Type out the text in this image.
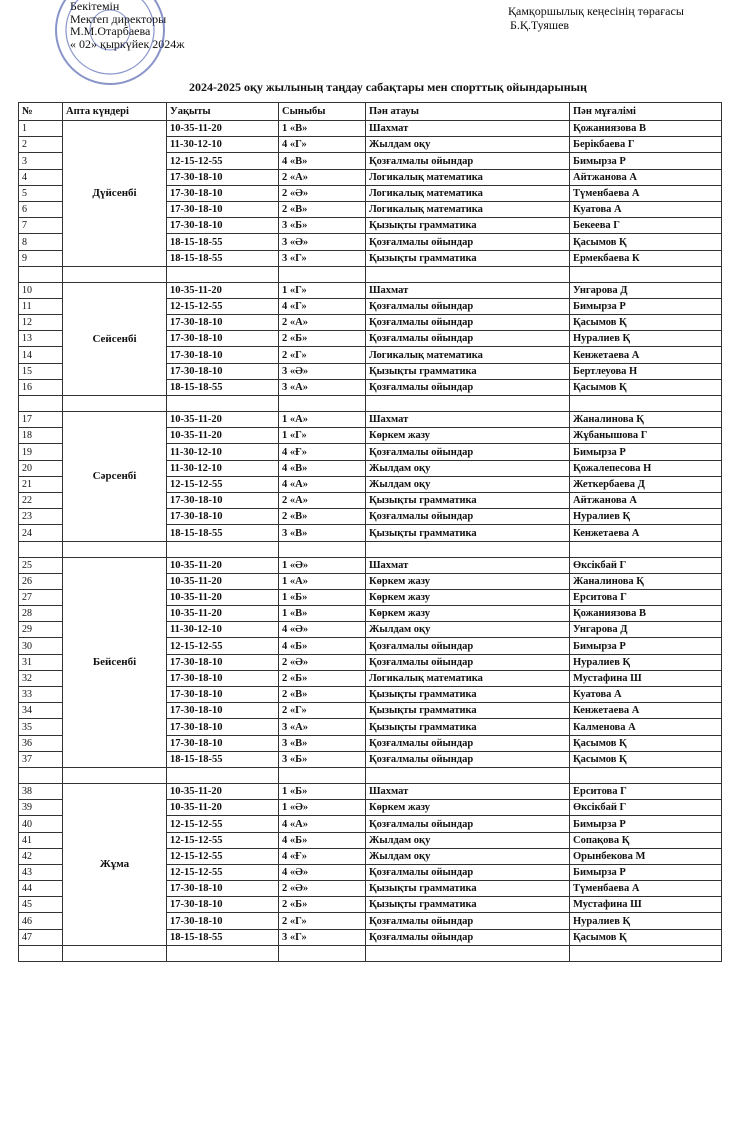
Бекітемін
Мектеп директоры
М.М.Отарбаева
« 02» қыркүйек 2024ж
Қамқоршылық кеңесінің төрағасы
Б.Қ.Туяшев
2024-2025 оқу жылының таңдау сабақтары мен спорттық ойындарының
№	Апта күндері	Уақыты	Сыныбы	Пән атауы	Пән мұғалімі
1	Дүйсенбі	10-35-11-20	1 «В»	Шахмат	Қожаниязова В
2		11-30-12-10	4 «Г»	Жылдам оқу	Берікбаева Г
3		12-15-12-55	4 «В»	Қозғалмалы ойындар	Бимырза Р
4		17-30-18-10	2 «А»	Логикалық математика	Айтжанова А
5		17-30-18-10	2 «Ә»	Логикалық математика	Түменбаева А
6		17-30-18-10	2 «В»	Логикалық математика	Куатова А
7		17-30-18-10	3 «Б»	Қызықты грамматика	Бекеева Г
8		18-15-18-55	3 «Ә»	Қозғалмалы ойындар	Қасымов Қ
9		18-15-18-55	3 «Г»	Қызықты грамматика	Ермекбаева К

10	Сейсенбі	10-35-11-20	1 «Г»	Шахмат	Унгарова Д
11		12-15-12-55	4 «Г»	Қозғалмалы ойындар	Бимырза Р
12		17-30-18-10	2 «А»	Қозғалмалы ойындар	Қасымов Қ
13		17-30-18-10	2 «Б»	Қозғалмалы ойындар	Нуралиев Қ
14		17-30-18-10	2 «Г»	Логикалық математика	Кенжетаева А
15		17-30-18-10	3 «Ә»	Қызықты грамматика	Бертлеуова Н
16		18-15-18-55	3 «А»	Қозғалмалы ойындар	Қасымов Қ

17	Сәрсенбі	10-35-11-20	1 «А»	Шахмат	Жаналинова Қ
18		10-35-11-20	1 «Г»	Көркем жазу	Жұбанышова Г
19		11-30-12-10	4 «Ғ»	Қозғалмалы ойындар	Бимырза Р
20		11-30-12-10	4 «В»	Жылдам оқу	Қожалепесова Н
21		12-15-12-55	4 «А»	Жылдам оқу	Жеткербаева Д
22		17-30-18-10	2 «А»	Қызықты грамматика	Айтжанова А
23		17-30-18-10	2 «В»	Қозғалмалы ойындар	Нуралиев Қ
24		18-15-18-55	3 «В»	Қызықты грамматика	Кенжетаева А

25	Бейсенбі	10-35-11-20	1 «Ә»	Шахмат	Өксікбай Г
26		10-35-11-20	1 «А»	Көркем жазу	Жаналинова Қ
27		10-35-11-20	1 «Б»	Көркем жазу	Ерситова Г
28		10-35-11-20	1 «В»	Көркем жазу	Қожаниязова В
29		11-30-12-10	4 «Ә»	Жылдам оқу	Унгарова Д
30		12-15-12-55	4 «Б»	Қозғалмалы ойындар	Бимырза Р
31		17-30-18-10	2 «Ә»	Қозғалмалы ойындар	Нуралиев Қ
32		17-30-18-10	2 «Б»	Логикалық математика	Мустафина Ш
33		17-30-18-10	2 «В»	Қызықты грамматика	Куатова А
34		17-30-18-10	2 «Г»	Қызықты грамматика	Кенжетаева А
35		17-30-18-10	3 «А»	Қызықты грамматика	Калменова А
36		17-30-18-10	3 «В»	Қозғалмалы ойындар	Қасымов Қ
37		18-15-18-55	3 «Б»	Қозғалмалы ойындар	Қасымов Қ

38	Жұма	10-35-11-20	1 «Б»	Шахмат	Ерситова Г
39		10-35-11-20	1 «Ә»	Көркем жазу	Өксікбай Г
40		12-15-12-55	4 «А»	Қозғалмалы ойындар	Бимырза Р
41		12-15-12-55	4 «Б»	Жылдам оқу	Сопақова Қ
42		12-15-12-55	4 «Ғ»	Жылдам оқу	Орынбекова М
43		12-15-12-55	4 «Ә»	Қозғалмалы ойындар	Бимырза Р
44		17-30-18-10	2 «Ә»	Қызықты грамматика	Түменбаева А
45		17-30-18-10	2 «Б»	Қызықты грамматика	Мустафина Ш
46		17-30-18-10	2 «Г»	Қозғалмалы ойындар	Нуралиев Қ
47		18-15-18-55	3 «Г»	Қозғалмалы ойындар	Қасымов Қ
